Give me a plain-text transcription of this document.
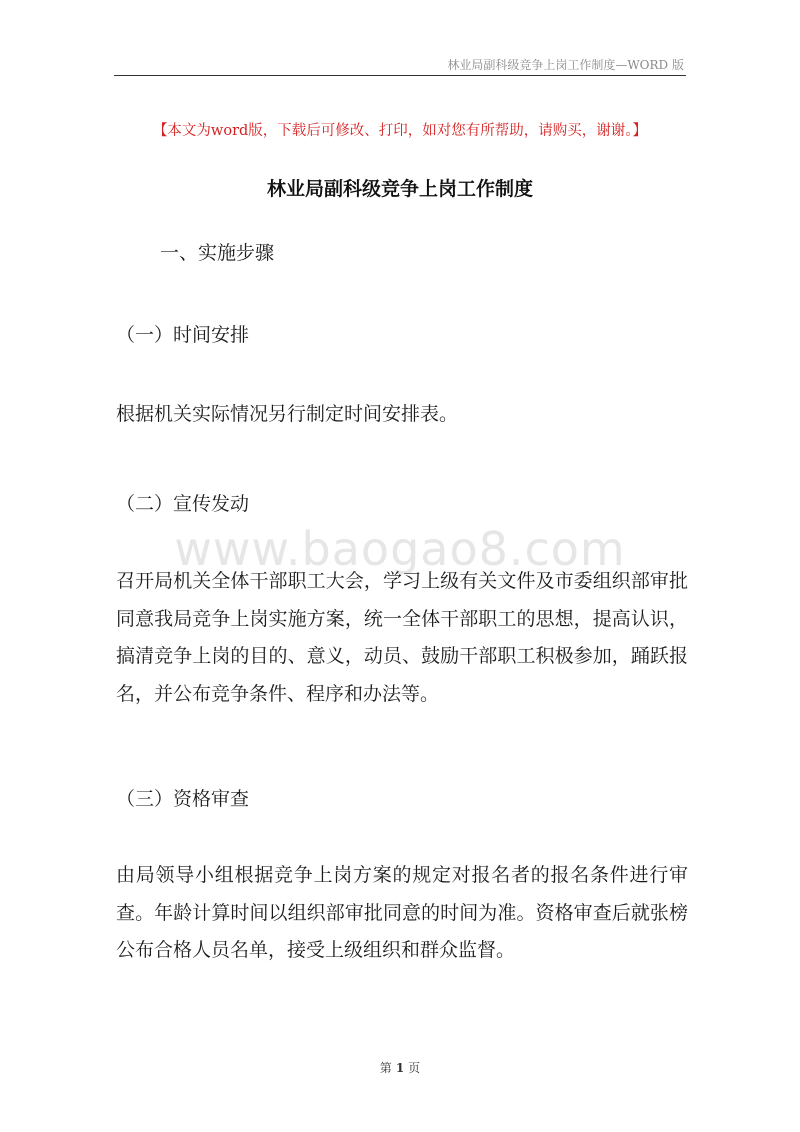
林业局副科级竞争上岗工作制度—WORD 版
【本文为word版，下载后可修改、打印，如对您有所帮助，请购买，谢谢。】
林业局副科级竞争上岗工作制度
一、实施步骤
（一）时间安排
根据机关实际情况另行制定时间安排表。
（二）宣传发动
www.baogao8.com
召开局机关全体干部职工大会，学习上级有关文件及市委组织部审批同意我局竞争上岗实施方案，统一全体干部职工的思想，提高认识，搞清竞争上岗的目的、意义，动员、鼓励干部职工积极参加，踊跃报名，并公布竞争条件、程序和办法等。
（三）资格审查
由局领导小组根据竞争上岗方案的规定对报名者的报名条件进行审查。年龄计算时间以组织部审批同意的时间为准。资格审查后就张榜公布合格人员名单，接受上级组织和群众监督。
第 1 页
